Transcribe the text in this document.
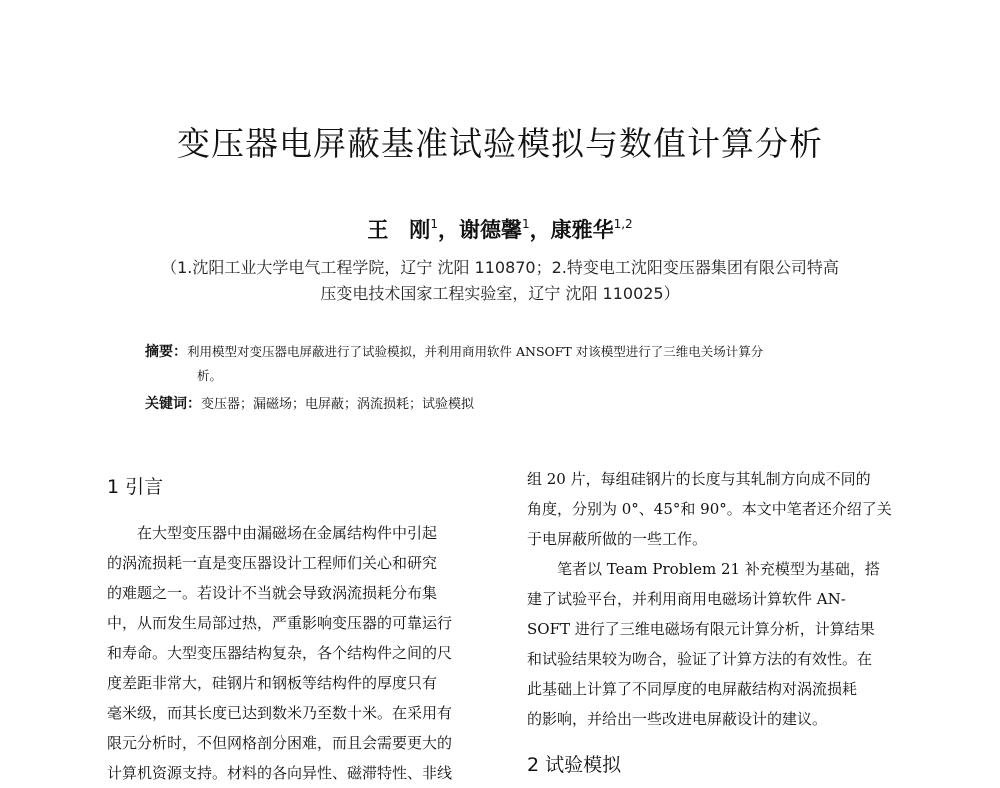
变压器电屏蔽基准试验模拟与数值计算分析
王　刚$^1$，谢德馨$^1$，康雅华$^{1,2}$
（1.沈阳工业大学电气工程学院，辽宁 沈阳 110870；2.特变电工沈阳变压器集团有限公司特高
压变电技术国家工程实验室，辽宁 沈阳 110025）
摘要：利用模型对变压器电屏蔽进行了试验模拟，并利用商用软件 ANSOFT 对该模型进行了三维电关场计算分
析。
关键词：变压器；漏磁场；电屏蔽；涡流损耗；试验模拟
1 引言
在大型变压器中由漏磁场在金属结构件中引起
的涡流损耗一直是变压器设计工程师们关心和研究
的难题之一。若设计不当就会导致涡流损耗分布集
中，从而发生局部过热，严重影响变压器的可靠运行
和寿命。大型变压器结构复杂，各个结构件之间的尺
度差距非常大，硅钢片和钢板等结构件的厚度只有
毫米级，而其长度已达到数米乃至数十米。在采用有
限元分析时，不但网格剖分困难，而且会需要更大的
计算机资源支持。材料的各向异性、磁滞特性、非线
组 20 片，每组硅钢片的长度与其轧制方向成不同的
角度，分别为 0°、45°和 90°。本文中笔者还介绍了关
于电屏蔽所做的一些工作。
笔者以 Team Problem 21 补充模型为基础，搭
建了试验平台，并利用商用电磁场计算软件 AN-
SOFT 进行了三维电磁场有限元计算分析，计算结果
和试验结果较为吻合，验证了计算方法的有效性。在
此基础上计算了不同厚度的电屏蔽结构对涡流损耗
的影响，并给出一些改进电屏蔽设计的建议。
2 试验模拟
